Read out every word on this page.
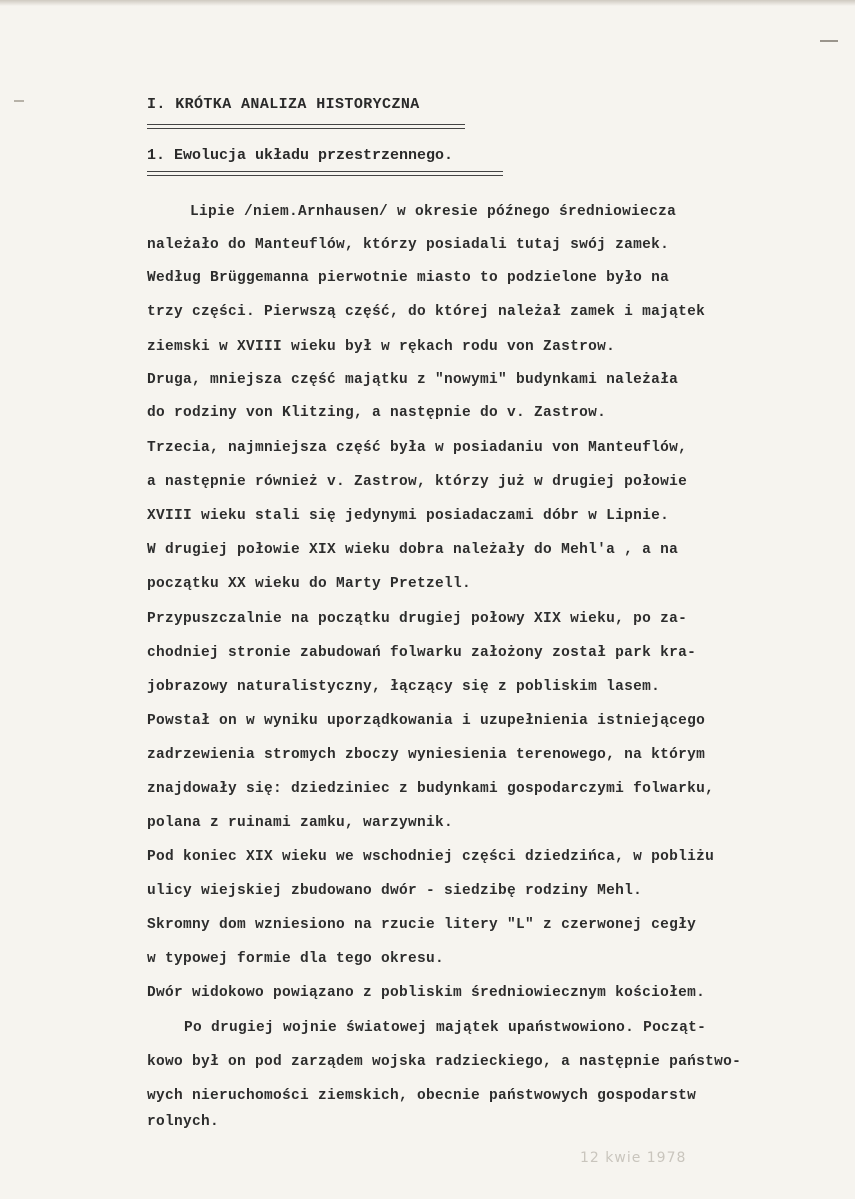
I. KRÓTKA ANALIZA HISTORYCZNA
1. Ewolucja układu przestrzennego.

Lipie /niem.Arnhausen/ w okresie późnego średniowiecza

należało do Manteuflów, którzy posiadali tutaj swój zamek.

Według Brüggemanna pierwotnie miasto to podzielone było na

trzy części. Pierwszą część, do której należał zamek i majątek

ziemski w XVIII wieku był w rękach rodu von Zastrow.

Druga, mniejsza część majątku z "nowymi" budynkami należała

do rodziny von Klitzing, a następnie do v. Zastrow.

Trzecia, najmniejsza część była w posiadaniu von Manteuflów,

a następnie również v. Zastrow, którzy już w drugiej połowie

XVIII wieku stali się jedynymi posiadaczami dóbr w Lipnie.

W drugiej połowie XIX wieku dobra należały do Mehl'a , a na

początku XX wieku do Marty Pretzell.

Przypuszczalnie na początku drugiej połowy XIX wieku, po za-

chodniej stronie zabudowań folwarku założony został park kra-

jobrazowy naturalistyczny, łączący się z pobliskim lasem.

Powstał on w wyniku uporządkowania i uzupełnienia istniejącego

zadrzewienia stromych zboczy wyniesienia terenowego, na którym

znajdowały się: dziedziniec z budynkami gospodarczymi folwarku,

polana z ruinami zamku, warzywnik.

Pod koniec XIX wieku we wschodniej części dziedzińca, w pobliżu

ulicy wiejskiej zbudowano dwór - siedzibę rodziny Mehl.

Skromny dom wzniesiono na rzucie litery "L" z czerwonej cegły

w typowej formie dla tego okresu.

Dwór widokowo powiązano z pobliskim średniowiecznym kościołem.

Po drugiej wojnie światowej majątek upaństwowiono. Począt-

kowo był on pod zarządem wojska radzieckiego, a następnie państwo-

wych nieruchomości ziemskich, obecnie państwowych gospodarstw

rolnych.

12 kwie 1978
